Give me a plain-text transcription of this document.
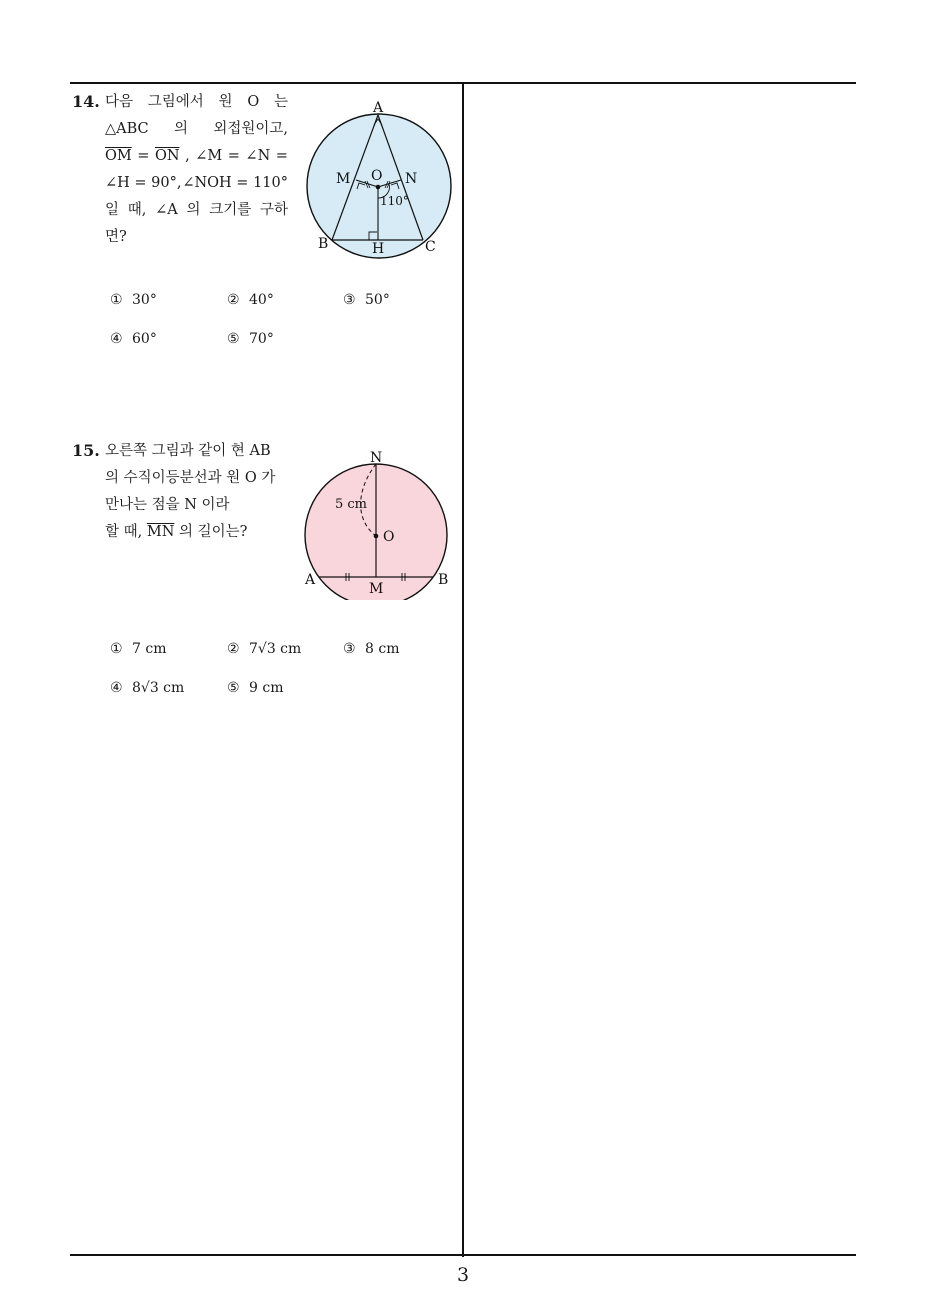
3
14. 다음 그림에서 원 O 는
△ABC 의 외접원이고,
$\overline{OM} = \overline{ON}$ , ∠M = ∠N =
∠H = 90°, ∠NOH = 110°
일 때, ∠A 의 크기를 구하
면?
A
B	C
M O N
H
110°
① 30°	② 40°	③ 50°
④ 60°	⑤ 70°
15. 오른쪽 그림과 같이 현 AB
의 수직이등분선과 원 O 가
만나는 점을 N 이라
할 때, $\overline{MN}$ 의 길이는?
N
O
A	B
M
5 cm
① 7 cm	② 7√3 cm	③ 8 cm
④ 8√3 cm	⑤ 9 cm
